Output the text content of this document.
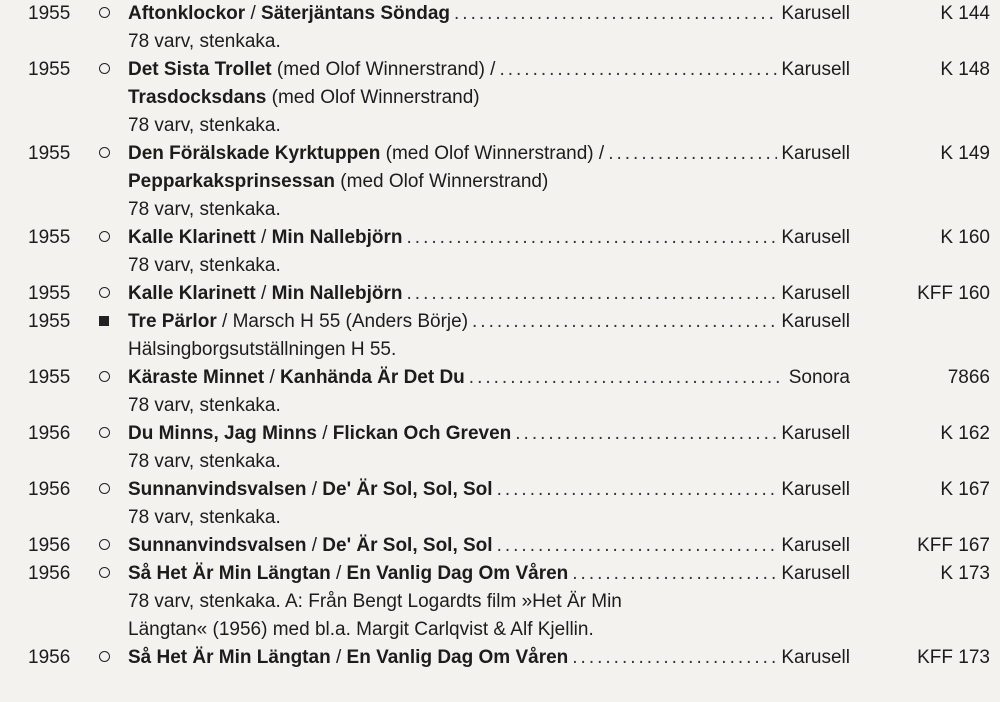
1955	Aftonklockor / Säterjäntans Söndag .....	Karusell	K 144
78 varv, stenkaka.
1955	Det Sista Trollet (med Olof Winnerstrand) / .....	Karusell	K 148
Trasdocksdans (med Olof Winnerstrand)
78 varv, stenkaka.
1955	Den Förälskade Kyrktuppen (med Olof Winnerstrand) / .....	Karusell	K 149
Pepparkaksprinsessan (med Olof Winnerstrand)
78 varv, stenkaka.
1955	Kalle Klarinett / Min Nallebjörn .....	Karusell	K 160
78 varv, stenkaka.
1955	Kalle Klarinett / Min Nallebjörn .....	Karusell	KFF 160
1955	Tre Pärlor / Marsch H 55 (Anders Börje) .....	Karusell
Hälsingborgsutställningen H 55.
1955	Käraste Minnet / Kanhända Är Det Du .....	Sonora	7866
78 varv, stenkaka.
1956	Du Minns, Jag Minns / Flickan Och Greven .....	Karusell	K 162
78 varv, stenkaka.
1956	Sunnanvindsvalsen / De' Är Sol, Sol, Sol .....	Karusell	K 167
78 varv, stenkaka.
1956	Sunnanvindsvalsen / De' Är Sol, Sol, Sol .....	Karusell	KFF 167
1956	Så Het Är Min Längtan / En Vanlig Dag Om Våren .....	Karusell	K 173
78 varv, stenkaka. A: Från Bengt Logardts film »Het Är Min
Längtan« (1956) med bl.a. Margit Carlqvist & Alf Kjellin.
1956	Så Het Är Min Längtan / En Vanlig Dag Om Våren .....	Karusell	KFF 173
